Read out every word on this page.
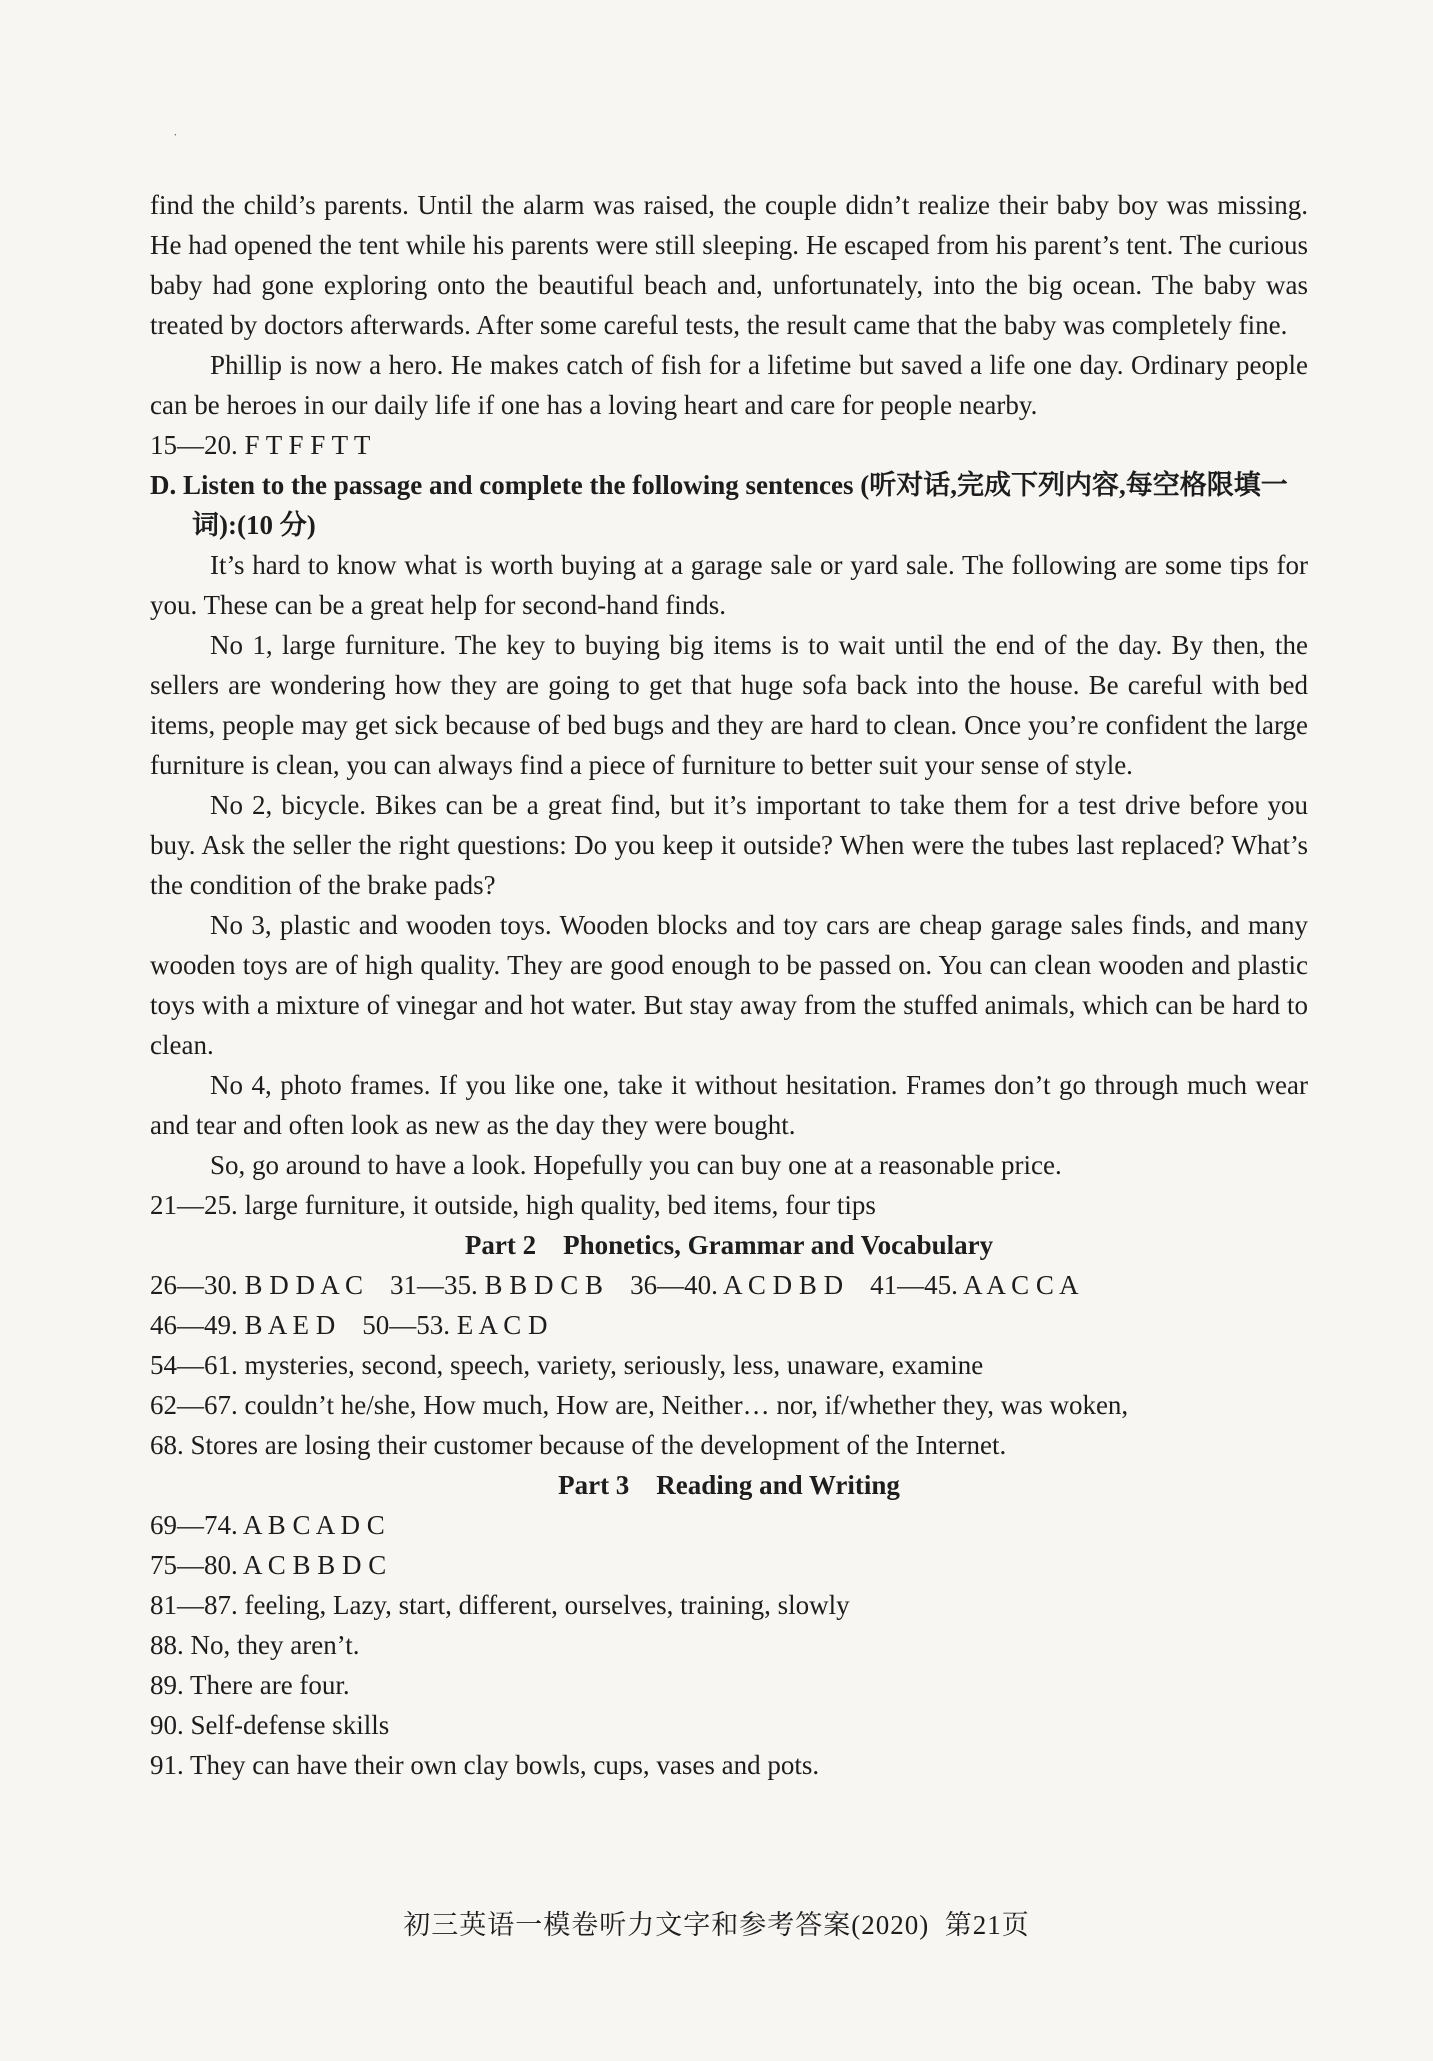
˙

find the child’s parents. Until the alarm was raised, the couple didn’t realize their baby boy was missing. He had opened the tent while his parents were still sleeping. He escaped from his parent’s tent. The curious baby had gone exploring onto the beautiful beach and, unfortunately, into the big ocean. The baby was treated by doctors afterwards. After some careful tests, the result came that the baby was completely fine.

Phillip is now a hero. He makes catch of fish for a lifetime but saved a life one day. Ordinary people can be heroes in our daily life if one has a loving heart and care for people nearby.

15—20. F T F F T T

D. Listen to the passage and complete the following sentences (听对话,完成下列内容,每空格限填一词):(10 分)

It’s hard to know what is worth buying at a garage sale or yard sale. The following are some tips for you. These can be a great help for second-hand finds.

No 1, large furniture. The key to buying big items is to wait until the end of the day. By then, the sellers are wondering how they are going to get that huge sofa back into the house. Be careful with bed items, people may get sick because of bed bugs and they are hard to clean. Once you’re confident the large furniture is clean, you can always find a piece of furniture to better suit your sense of style.

No 2, bicycle. Bikes can be a great find, but it’s important to take them for a test drive before you buy. Ask the seller the right questions: Do you keep it outside? When were the tubes last replaced? What’s the condition of the brake pads?

No 3, plastic and wooden toys. Wooden blocks and toy cars are cheap garage sales finds, and many wooden toys are of high quality. They are good enough to be passed on. You can clean wooden and plastic toys with a mixture of vinegar and hot water. But stay away from the stuffed animals, which can be hard to clean.

No 4, photo frames. If you like one, take it without hesitation. Frames don’t go through much wear and tear and often look as new as the day they were bought.

So, go around to have a look. Hopefully you can buy one at a reasonable price.

21—25. large furniture, it outside, high quality, bed items, four tips

Part 2    Phonetics, Grammar and Vocabulary

26—30. B D D A C    31—35. B B D C B    36—40. A C D B D    41—45. A A C C A

46—49. B A E D    50—53. E A C D

54—61. mysteries, second, speech, variety, seriously, less, unaware, examine

62—67. couldn’t he/she, How much, How are, Neither… nor, if/whether they, was woken,

68. Stores are losing their customer because of the development of the Internet.

Part 3    Reading and Writing

69—74. A B C A D C

75—80. A C B B D C

81—87. feeling, Lazy, start, different, ourselves, training, slowly

88. No, they aren’t.

89. There are four.

90. Self-defense skills

91. They can have their own clay bowls, cups, vases and pots.

初三英语一模卷听力文字和参考答案(2020)  第21页
